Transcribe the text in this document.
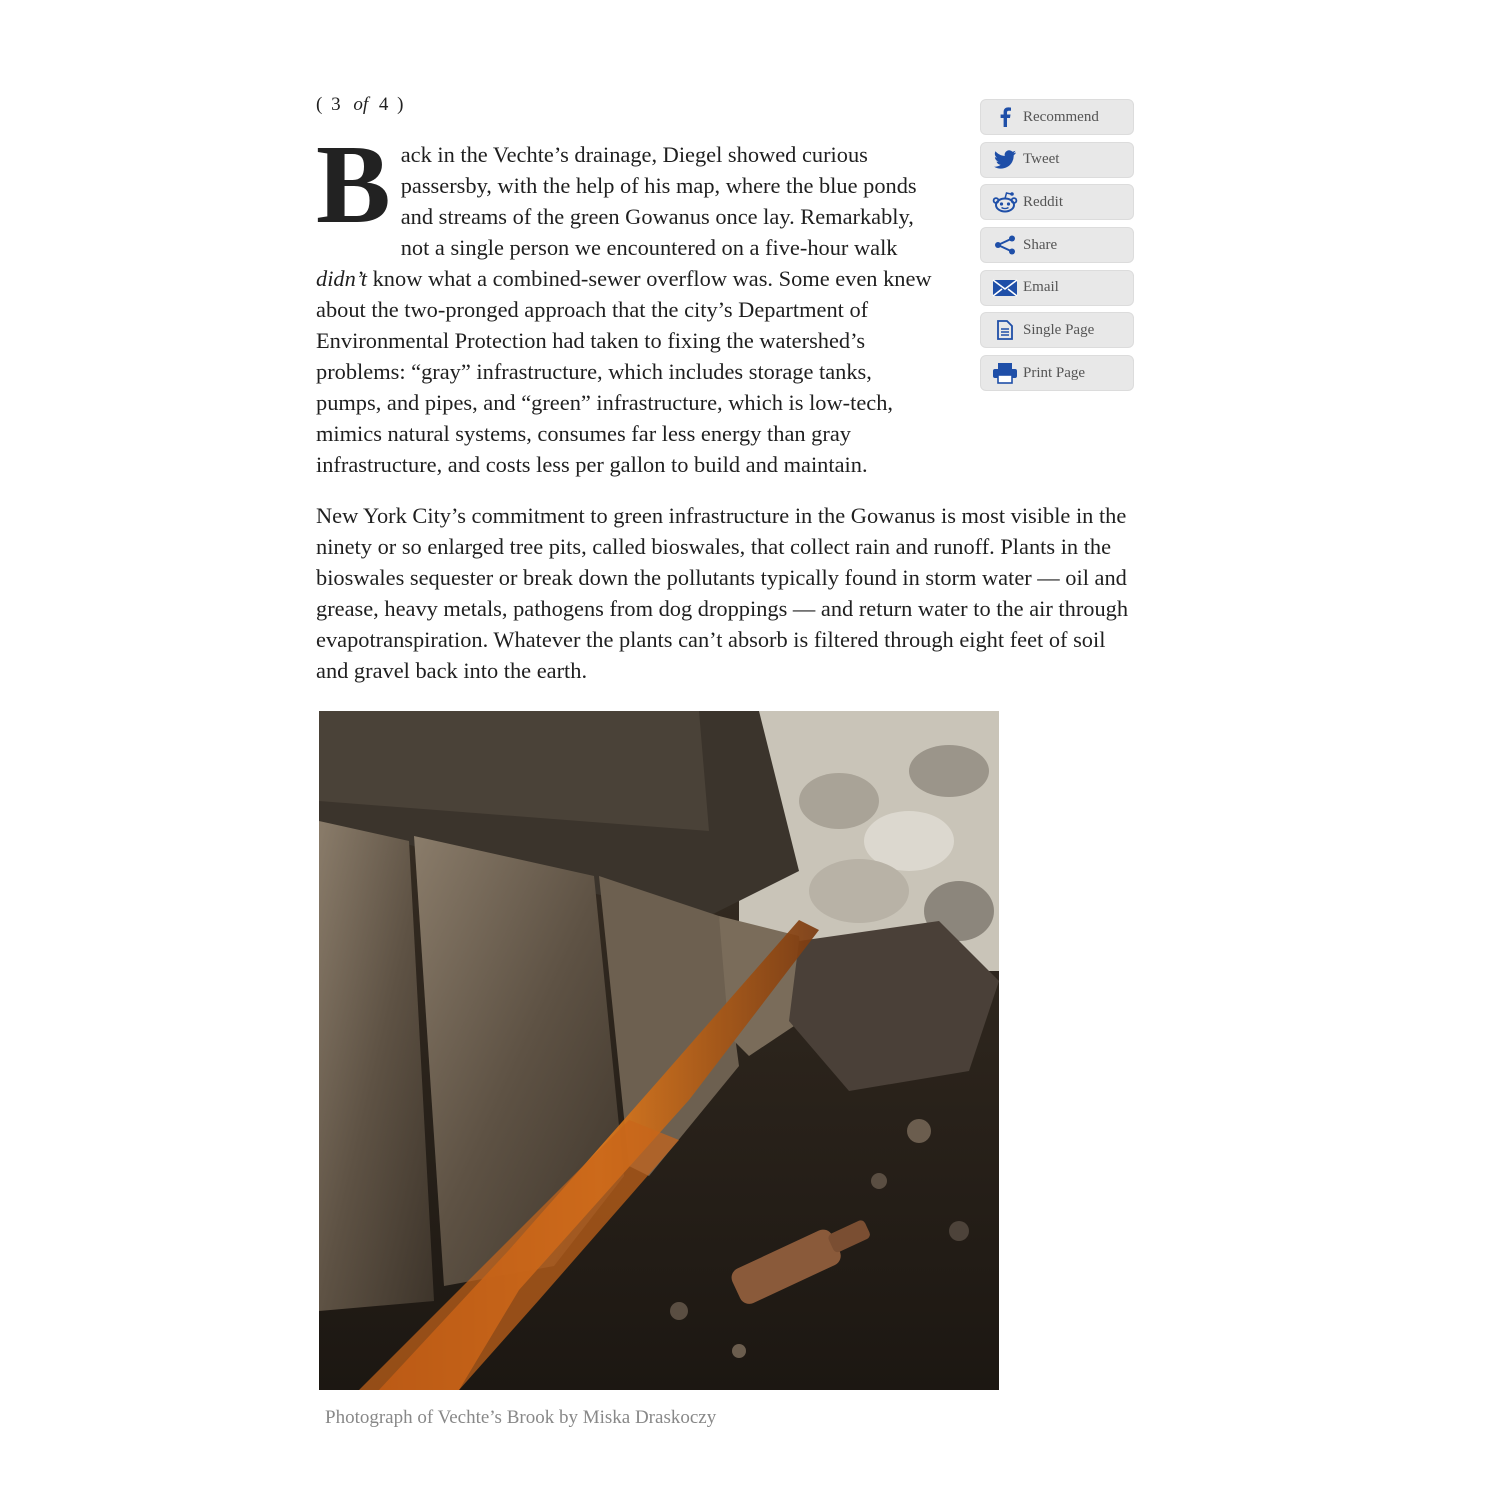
( 3 of 4 )

Back in the Vechte’s drainage, Diegel showed curious passersby, with the help of his map, where the blue ponds and streams of the green Gowanus once lay. Remarkably, not a single person we encountered on a five-hour walk didn’t know what a combined-sewer overflow was. Some even knew about the two-pronged approach that the city’s Department of Environmental Protection had taken to fixing the watershed’s problems: “gray” infrastructure, which includes storage tanks, pumps, and pipes, and “green” infrastructure, which is low-tech, mimics natural systems, consumes far less energy than gray infrastructure, and costs less per gallon to build and maintain.

New York City’s commitment to green infrastructure in the Gowanus is most visible in the ninety or so enlarged tree pits, called bioswales, that collect rain and runoff. Plants in the bioswales sequester or break down the pollutants typically found in storm water — oil and grease, heavy metals, pathogens from dog droppings — and return water to the air through evapotranspiration. Whatever the plants can’t absorb is filtered through eight feet of soil and gravel back into the earth.

Recommend
Tweet
Reddit
Share
Email
Single Page
Print Page
Photograph of Vechte’s Brook by Miska Draskoczy
